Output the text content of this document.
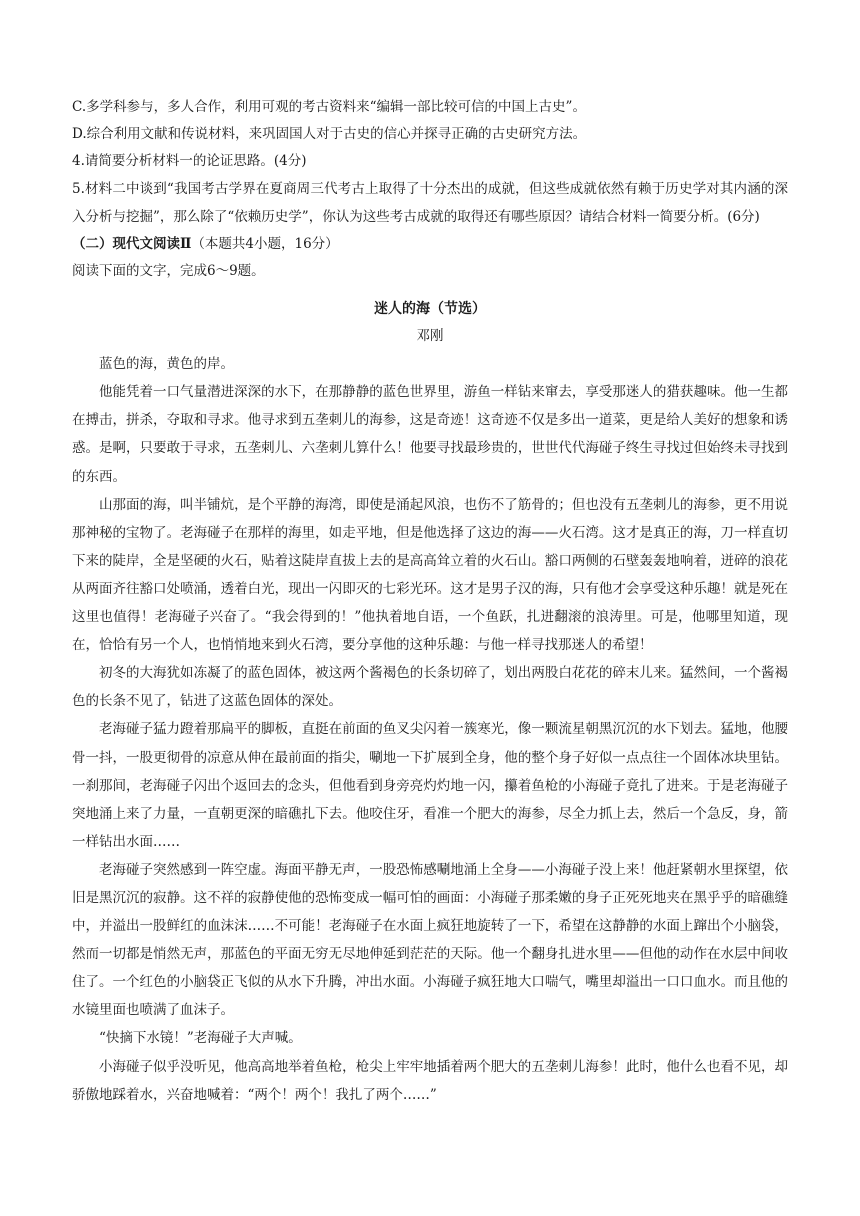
C.多学科参与，多人合作，利用可观的考古资料来“编辑一部比较可信的中国上古史”。
D.综合利用文献和传说材料，来巩固国人对于古史的信心并探寻正确的古史研究方法。
4.请简要分析材料一的论证思路。(4分)
5.材料二中谈到“我国考古学界在夏商周三代考古上取得了十分杰出的成就，但这些成就依然有赖于历史学对其内涵的深入分析与挖掘”，那么除了“依赖历史学”，你认为这些考古成就的取得还有哪些原因？请结合材料一简要分析。(6分)
（二）现代文阅读Ⅱ（本题共4小题，16分）
阅读下面的文字，完成6～9题。
迷人的海（节选）
邓刚
蓝色的海，黄色的岸。
他能凭着一口气量潜进深深的水下，在那静静的蓝色世界里，游鱼一样钻来窜去，享受那迷人的猎获趣味。他一生都在搏击，拼杀，夺取和寻求。他寻求到五垄刺儿的海参，这是奇迹！这奇迹不仅是多出一道菜，更是给人美好的想象和诱惑。是啊，只要敢于寻求，五垄刺儿、六垄刺儿算什么！他要寻找最珍贵的，世世代代海碰子终生寻找过但始终未寻找到的东西。
山那面的海，叫半铺炕，是个平静的海湾，即使是涌起风浪，也伤不了筋骨的；但也没有五垄刺儿的海参，更不用说那神秘的宝物了。老海碰子在那样的海里，如走平地，但是他选择了这边的海——火石湾。这才是真正的海，刀一样直切下来的陡岸，全是坚硬的火石，贴着这陡岸直拔上去的是高高耸立着的火石山。豁口两侧的石壁轰轰地响着，迸碎的浪花从两面齐往豁口处喷涌，透着白光，现出一闪即灭的七彩光环。这才是男子汉的海，只有他才会享受这种乐趣！就是死在这里也值得！老海碰子兴奋了。“我会得到的！”他执着地自语，一个鱼跃，扎进翻滚的浪涛里。可是，他哪里知道，现在，恰恰有另一个人，也悄悄地来到火石湾，要分享他的这种乐趣：与他一样寻找那迷人的希望！
初冬的大海犹如冻凝了的蓝色固体，被这两个酱褐色的长条切碎了，划出两股白花花的碎末儿来。猛然间，一个酱褐色的长条不见了，钻进了这蓝色固体的深处。
老海碰子猛力蹬着那扁平的脚板，直挺在前面的鱼叉尖闪着一簇寒光，像一颗流星朝黑沉沉的水下划去。猛地，他腰骨一抖，一股更彻骨的凉意从伸在最前面的指尖，唰地一下扩展到全身，他的整个身子好似一点点往一个固体冰块里钻。一刹那间，老海碰子闪出个返回去的念头，但他看到身旁亮灼灼地一闪，攥着鱼枪的小海碰子竟扎了进来。于是老海碰子突地涌上来了力量，一直朝更深的暗礁扎下去。他咬住牙，看准一个肥大的海参，尽全力抓上去，然后一个急反，身，箭一样钻出水面……
老海碰子突然感到一阵空虚。海面平静无声，一股恐怖感唰地涌上全身——小海碰子没上来！他赶紧朝水里探望，依旧是黑沉沉的寂静。这不祥的寂静使他的恐怖变成一幅可怕的画面：小海碰子那柔嫩的身子正死死地夹在黑乎乎的暗礁缝中，并溢出一股鲜红的血沫沫……不可能！老海碰子在水面上疯狂地旋转了一下，希望在这静静的水面上蹿出个小脑袋，然而一切都是悄然无声，那蓝色的平面无穷无尽地伸延到茫茫的天际。他一个翻身扎进水里——但他的动作在水层中间收住了。一个红色的小脑袋正飞似的从水下升腾，冲出水面。小海碰子疯狂地大口喘气，嘴里却溢出一口口血水。而且他的水镜里面也喷满了血沫子。
“快摘下水镜！”老海碰子大声喊。
小海碰子似乎没听见，他高高地举着鱼枪，枪尖上牢牢地插着两个肥大的五垄刺儿海参！此时，他什么也看不见，却骄傲地踩着水，兴奋地喊着：“两个！两个！我扎了两个……”
